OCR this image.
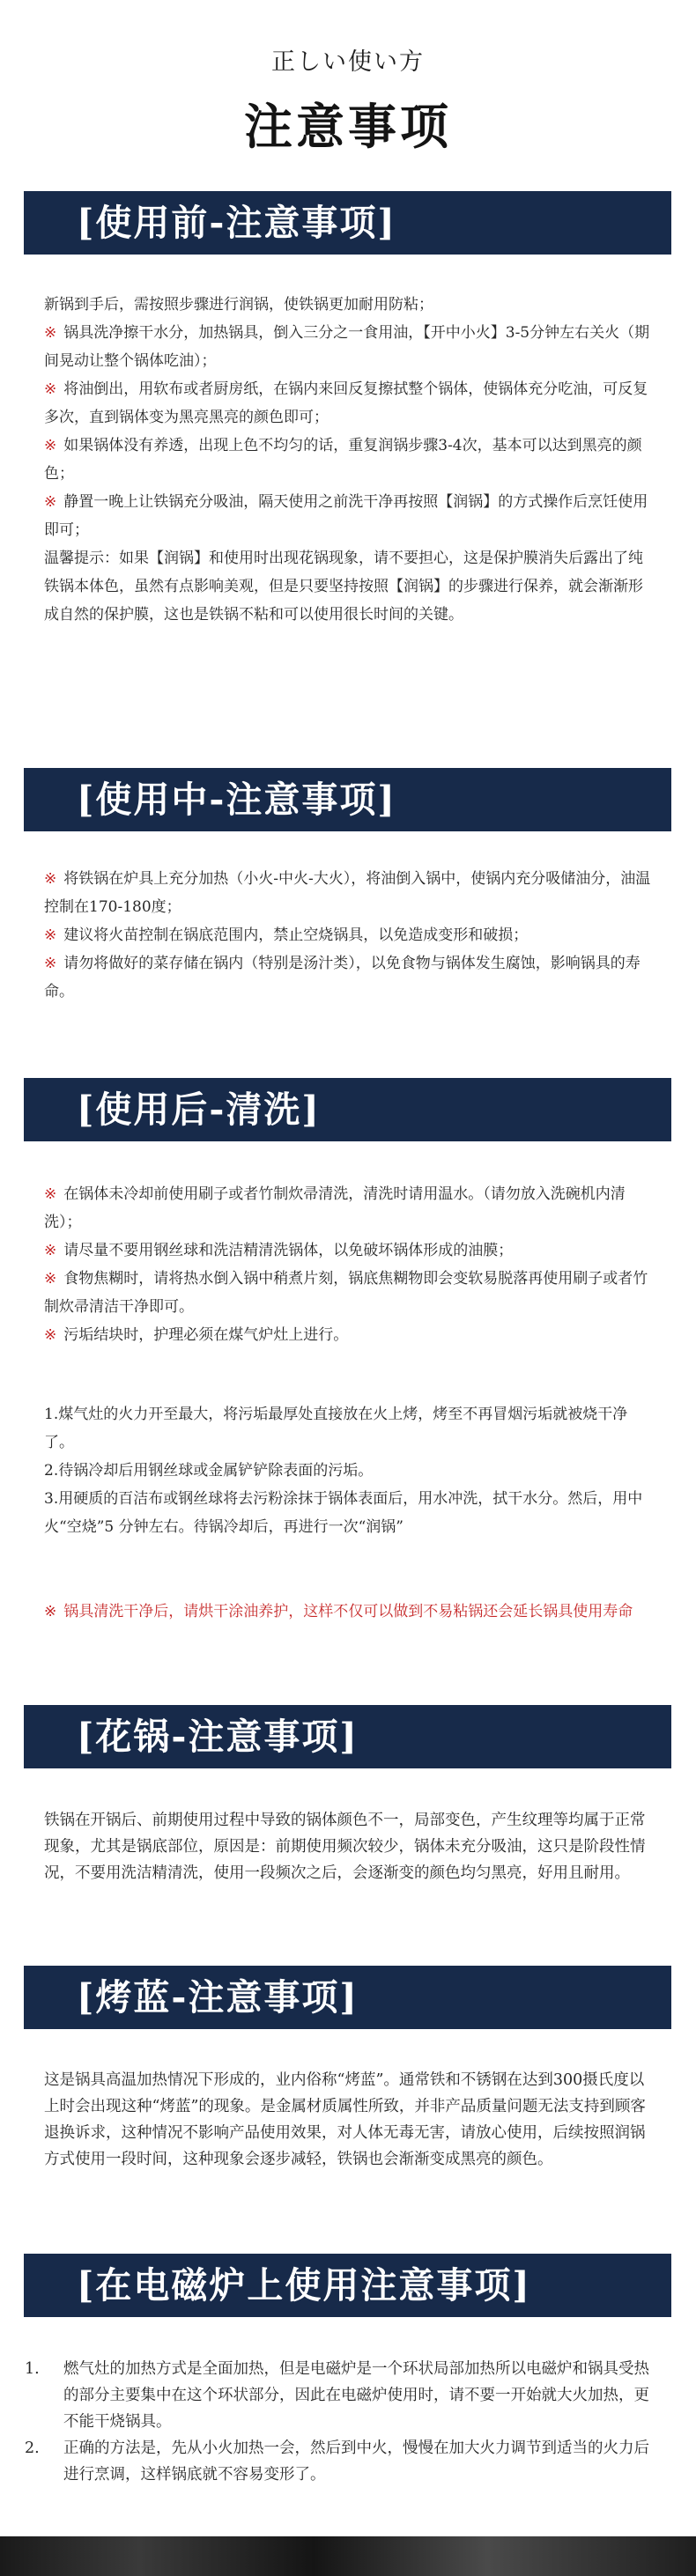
正しい使い方
注意事项
[使用前-注意事项]

新锅到手后，需按照步骤进行润锅，使铁锅更加耐用防粘；

※ 锅具洗净擦干水分，加热锅具，倒入三分之一食用油，【开中小火】3-5分钟左右关火（期间晃动让整个锅体吃油）；

※ 将油倒出，用软布或者厨房纸，在锅内来回反复擦拭整个锅体，使锅体充分吃油，可反复多次，直到锅体变为黑亮黑亮的颜色即可；

※ 如果锅体没有养透，出现上色不均匀的话，重复润锅步骤3-4次，基本可以达到黑亮的颜色；

※ 静置一晚上让铁锅充分吸油，隔天使用之前洗干净再按照【润锅】的方式操作后烹饪使用即可；

温馨提示：如果【润锅】和使用时出现花锅现象，请不要担心，这是保护膜消失后露出了纯铁锅本体色，虽然有点影响美观，但是只要坚持按照【润锅】的步骤进行保养，就会渐渐形成自然的保护膜，这也是铁锅不粘和可以使用很长时间的关键。

[使用中-注意事项]

※ 将铁锅在炉具上充分加热（小火-中火-大火），将油倒入锅中，使锅内充分吸储油分，油温控制在170-180度；

※ 建议将火苗控制在锅底范围内，禁止空烧锅具，以免造成变形和破损；

※ 请勿将做好的菜存储在锅内（特别是汤汁类），以免食物与锅体发生腐蚀，影响锅具的寿命。

[使用后-清洗]

※ 在锅体未冷却前使用刷子或者竹制炊帚清洗，清洗时请用温水。（请勿放入洗碗机内清洗）；

※ 请尽量不要用钢丝球和洗洁精清洗锅体，以免破坏锅体形成的油膜；

※ 食物焦糊时，请将热水倒入锅中稍煮片刻，锅底焦糊物即会变软易脱落再使用刷子或者竹制炊帚清洁干净即可。

※ 污垢结块时，护理必须在煤气炉灶上进行。

1.煤气灶的火力开至最大，将污垢最厚处直接放在火上烤，烤至不再冒烟污垢就被烧干净了。

2.待锅冷却后用钢丝球或金属铲铲除表面的污垢。

3.用硬质的百洁布或钢丝球将去污粉涂抹于锅体表面后，用水冲洗，拭干水分。然后，用中火“空烧”5 分钟左右。待锅冷却后，再进行一次“润锅”

※ 锅具清洗干净后，请烘干涂油养护，这样不仅可以做到不易粘锅还会延长锅具使用寿命

[花锅-注意事项]

铁锅在开锅后、前期使用过程中导致的锅体颜色不一，局部变色，产生纹理等均属于正常现象，尤其是锅底部位，原因是：前期使用频次较少，锅体未充分吸油，这只是阶段性情况，不要用洗洁精清洗，使用一段频次之后，会逐渐变的颜色均匀黑亮，好用且耐用。

[烤蓝-注意事项]

这是锅具高温加热情况下形成的，业内俗称“烤蓝”。通常铁和不锈钢在达到300摄氏度以上时会出现这种“烤蓝”的现象。是金属材质属性所致，并非产品质量问题无法支持到顾客退换诉求，这种情况不影响产品使用效果，对人体无毒无害，请放心使用，后续按照润锅方式使用一段时间，这种现象会逐步减轻，铁锅也会渐渐变成黑亮的颜色。

[在电磁炉上使用注意事项]
1. 燃气灶的加热方式是全面加热，但是电磁炉是一个环状局部加热所以电磁炉和锅具受热的部分主要集中在这个环状部分，因此在电磁炉使用时，请不要一开始就大火加热，更不能干烧锅具。
2. 正确的方法是，先从小火加热一会，然后到中火，慢慢在加大火力调节到适当的火力后进行烹调，这样锅底就不容易变形了。
